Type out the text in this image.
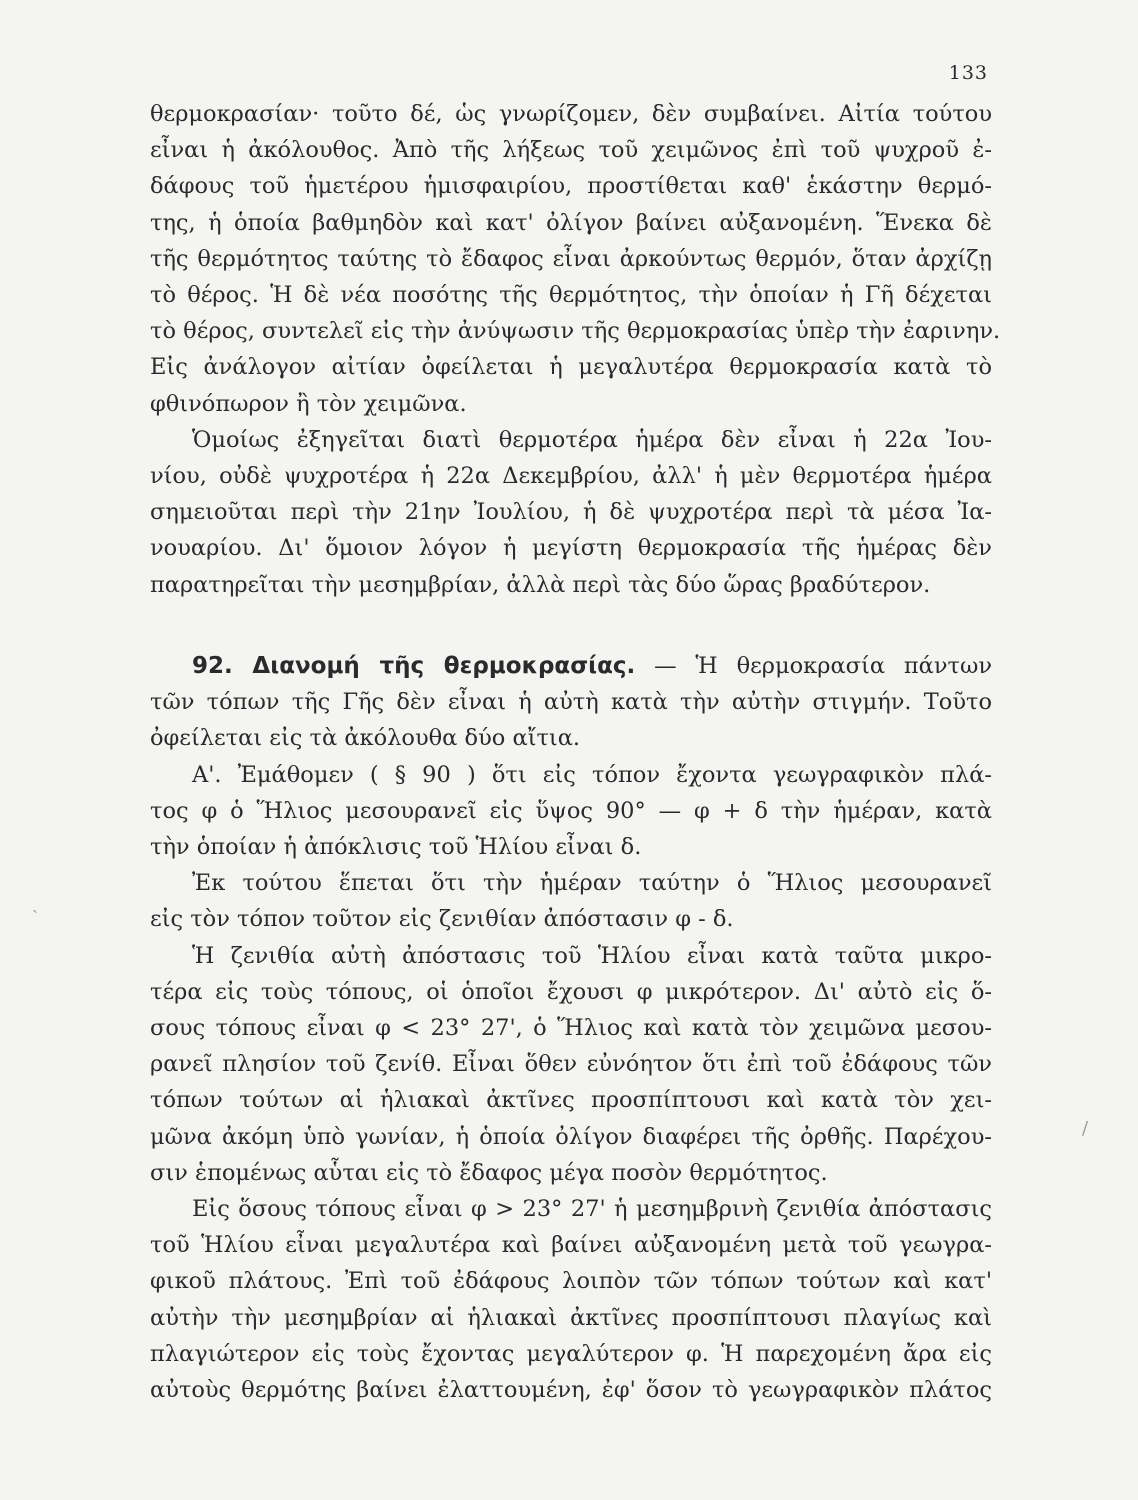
133

θερμοκρασίαν· τοῦτο δέ, ὡς γνωρίζομεν, δὲν συμβαίνει. Αἰτία τούτου
εἶναι ἡ ἀκόλουθος. Ἀπὸ τῆς λήξεως τοῦ χειμῶνος ἐπὶ τοῦ ψυχροῦ ἐ-
δάφους τοῦ ἡμετέρου ἡμισφαιρίου, προστίθεται καθ' ἑκάστην θερμό-
της, ἡ ὁποία βαθμηδὸν καὶ κατ' ὀλίγον βαίνει αὐξανομένη. Ἕνεκα δὲ
τῆς θερμότητος ταύτης τὸ ἔδαφος εἶναι ἀρκούντως θερμόν, ὅταν ἀρχίζῃ
τὸ θέρος. Ἡ δὲ νέα ποσότης τῆς θερμότητος, τὴν ὁποίαν ἡ Γῆ δέχεται
τὸ θέρος, συντελεῖ εἰς τὴν ἀνύψωσιν τῆς θερμοκρασίας ὑπὲρ τὴν ἐαρινην.
Εἰς ἀνάλογον αἰτίαν ὀφείλεται ἡ μεγαλυτέρα θερμοκρασία κατὰ τὸ
φθινόπωρον ἢ τὸν χειμῶνα.

Ὁμοίως ἐξηγεῖται διατὶ θερμοτέρα ἡμέρα δὲν εἶναι ἡ 22α Ἰου-

νίου, οὐδὲ ψυχροτέρα ἡ 22α Δεκεμβρίου, ἀλλ' ἡ μὲν θερμοτέρα ἡμέρα
σημειοῦται περὶ τὴν 21ην Ἰουλίου, ἡ δὲ ψυχροτέρα περὶ τὰ μέσα Ἰα-
νουαρίου. Δι' ὅμοιον λόγον ἡ μεγίστη θερμοκρασία τῆς ἡμέρας δὲν
παρατηρεῖται τὴν μεσημβρίαν, ἀλλὰ περὶ τὰς δύο ὥρας βραδύτερον.

92. Διανομή τῆς θερμοκρασίας. — Ἡ θερμοκρασία πάντων

τῶν τόπων τῆς Γῆς δὲν εἶναι ἡ αὐτὴ κατὰ τὴν αὐτὴν στιγμήν. Τοῦτο
ὀφείλεται εἰς τὰ ἀκόλουθα δύο αἴτια.

Α'. Ἐμάθομεν ( § 90 ) ὅτι εἰς τόπον ἔχοντα γεωγραφικὸν πλά-

τος φ ὁ Ἥλιος μεσουρανεῖ εἰς ὕψος 90° — φ + δ τὴν ἡμέραν, κατὰ
τὴν ὁποίαν ἡ ἀπόκλισις τοῦ Ἡλίου εἶναι δ.

Ἐκ τούτου ἕπεται ὅτι τὴν ἡμέραν ταύτην ὁ Ἥλιος μεσουρανεῖ

εἰς τὸν τόπον τοῦτον εἰς ζενιθίαν ἀπόστασιν φ - δ.

Ἡ ζενιθία αὐτὴ ἀπόστασις τοῦ Ἡλίου εἶναι κατὰ ταῦτα μικρο-

τέρα εἰς τοὺς τόπους, οἱ ὁποῖοι ἔχουσι φ μικρότερον. Δι' αὐτὸ εἰς ὅ-
σους τόπους εἶναι φ < 23° 27', ὁ Ἥλιος καὶ κατὰ τὸν χειμῶνα μεσου-
ρανεῖ πλησίον τοῦ ζενίθ. Εἶναι ὅθεν εὐνόητον ὅτι ἐπὶ τοῦ ἐδάφους τῶν
τόπων τούτων αἱ ἡλιακαὶ ἀκτῖνες προσπίπτουσι καὶ κατὰ τὸν χει-
μῶνα ἀκόμη ὑπὸ γωνίαν, ἡ ὁποία ὀλίγον διαφέρει τῆς ὀρθῆς. Παρέχου-
σιν ἑπομένως αὗται εἰς τὸ ἔδαφος μέγα ποσὸν θερμότητος.

Εἰς ὅσους τόπους εἶναι φ > 23° 27' ἡ μεσημβρινὴ ζενιθία ἀπόστασις

τοῦ Ἡλίου εἶναι μεγαλυτέρα καὶ βαίνει αὐξανομένη μετὰ τοῦ γεωγρα-
φικοῦ πλάτους. Ἐπὶ τοῦ ἐδάφους λοιπὸν τῶν τόπων τούτων καὶ κατ'
αὐτὴν τὴν μεσημβρίαν αἱ ἡλιακαὶ ἀκτῖνες προσπίπτουσι πλαγίως καὶ
πλαγιώτερον εἰς τοὺς ἔχοντας μεγαλύτερον φ. Ἡ παρεχομένη ἄρα εἰς
αὐτοὺς θερμότης βαίνει ἐλαττουμένη, ἐφ' ὅσον τὸ γεωγραφικὸν πλάτος

ˏ
/
